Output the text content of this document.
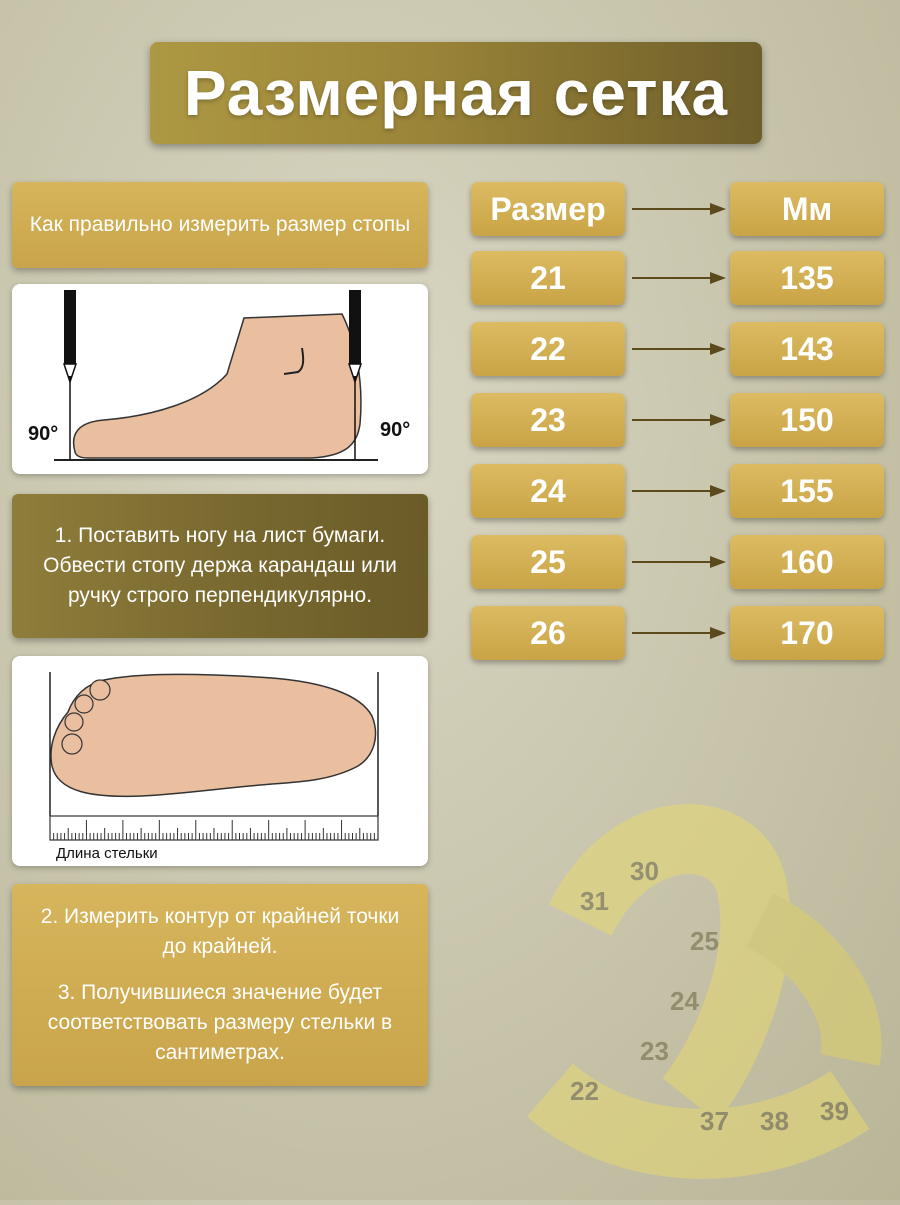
Размерная сетка
Как правильно измерить размер стопы
90°	90°
1. Поставить ногу на лист бумаги. Обвести стопу держа карандаш или ручку строго перпендикулярно.
Длина стельки

2. Измерить контур от крайней точки до крайней.

3. Получившиеся значение будет соответствовать размеру стельки в сантиметрах.

31
30
25
24
23
22
37 38 39
Размер	Мм
21	135
22	143
23	150
24	155
25	160
26	170
